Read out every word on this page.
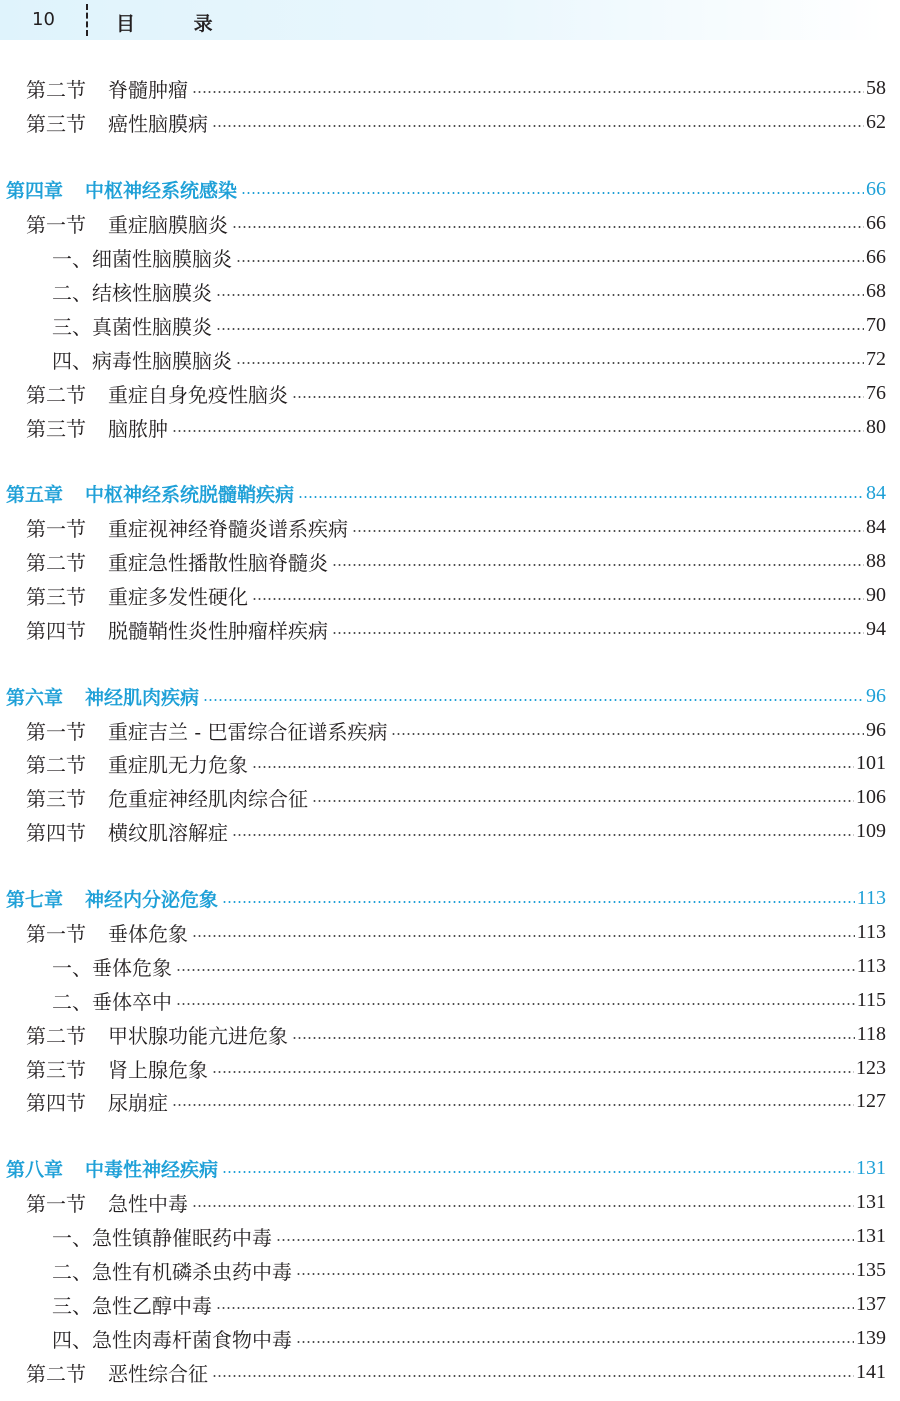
10	目 录
第二节 脊髓肿瘤	58
第三节 癌性脑膜病	62
第四章 中枢神经系统感染	66
第一节 重症脑膜脑炎	66
一、细菌性脑膜脑炎	66
二、结核性脑膜炎	68
三、真菌性脑膜炎	70
四、病毒性脑膜脑炎	72
第二节 重症自身免疫性脑炎	76
第三节 脑脓肿	80
第五章 中枢神经系统脱髓鞘疾病	84
第一节 重症视神经脊髓炎谱系疾病	84
第二节 重症急性播散性脑脊髓炎	88
第三节 重症多发性硬化	90
第四节 脱髓鞘性炎性肿瘤样疾病	94
第六章 神经肌肉疾病	96
第一节 重症吉兰 - 巴雷综合征谱系疾病	96
第二节 重症肌无力危象	101
第三节 危重症神经肌肉综合征	106
第四节 横纹肌溶解症	109
第七章 神经内分泌危象	113
第一节 垂体危象	113
一、垂体危象	113
二、垂体卒中	115
第二节 甲状腺功能亢进危象	118
第三节 肾上腺危象	123
第四节 尿崩症	127
第八章 中毒性神经疾病	131
第一节 急性中毒	131
一、急性镇静催眠药中毒	131
二、急性有机磷杀虫药中毒	135
三、急性乙醇中毒	137
四、急性肉毒杆菌食物中毒	139
第二节 恶性综合征	141
